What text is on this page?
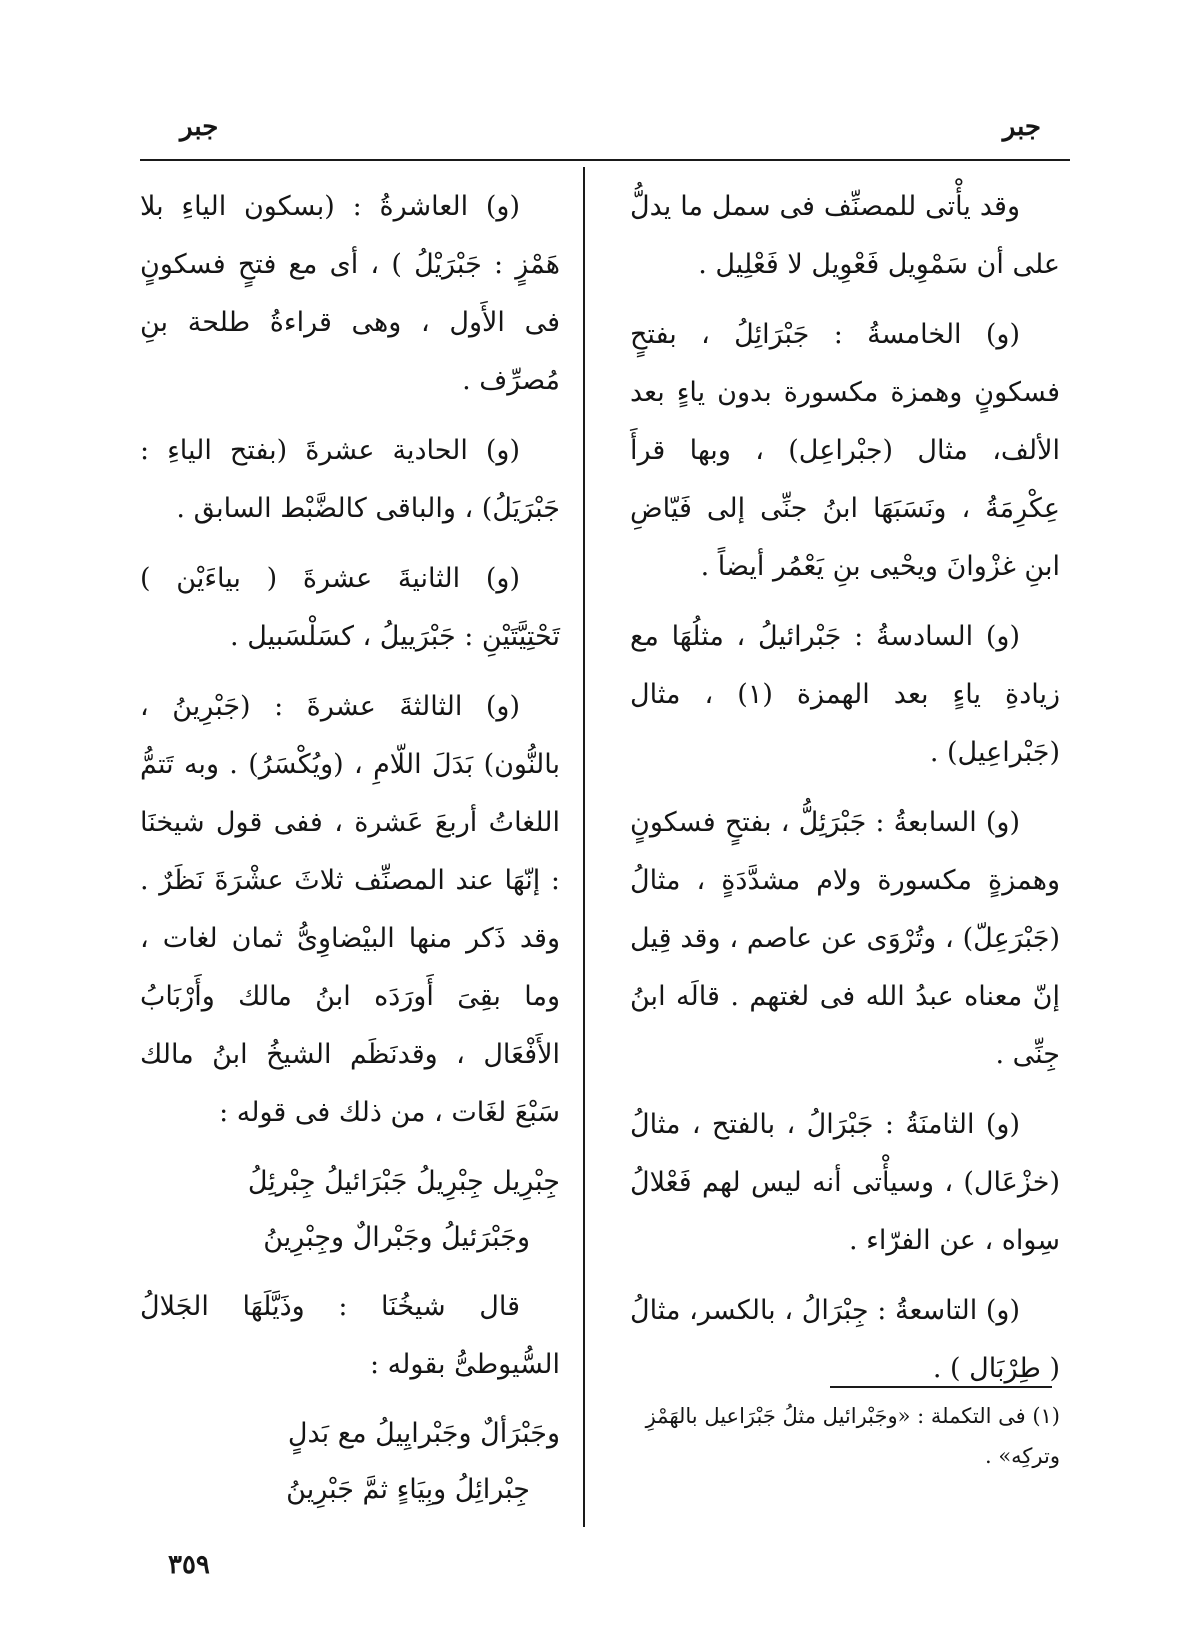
جبر
جبر

وقد يأْتى للمصنِّف فى سمل ما يدلُّ على أن سَمْوِيل فَعْوِيل لا فَعْلِيل .

(و) الخامسةُ : جَبْرَائِلُ ، بفتحٍ فسكونٍ وهمزة مكسورة بدون ياءٍ بعد الألف، مثال (جبْراعِل) ، وبها قرأَ عِكْرِمَةُ ، ونَسَبَهَا ابنُ جنِّى إلى فَيّاضِ ابنِ غزْوانَ ويحْيى بنِ يَعْمُر أيضاً .

(و) السادسةُ : جَبْرائيلُ ، مثلُهَا مع زيادةِ ياءٍ بعد الهمزة (١) ، مثال (جَبْراعِيل) .

(و) السابعةُ : جَبْرَئِلُّ ، بفتحٍ فسكونٍ وهمزةٍ مكسورة ولام مشدَّدَةٍ ، مثالُ (جَبْرَعِلّ) ، وتُرْوَى عن عاصم ، وقد قِيل إنّ معناه عبدُ الله فى لغتهم . قالَه ابنُ جِنِّى .

(و) الثامنَةُ : جَبْرَالُ ، بالفتح ، مثالُ (خزْعَال) ، وسيأْتى أنه ليس لهم فَعْلالُ سِواه ، عن الفرّاء .

(و) التاسعةُ : جِبْرَالُ ، بالكسر، مثالُ ( طِرْبَال ) .

(و) العاشرةُ : (بسكون الياءِ بلا هَمْزٍ : جَبْرَيْلُ ) ، أى مع فتحٍ فسكونٍ فى الأَول ، وهى قراءةُ طلحة بنِ مُصرِّف .

(و) الحادية عشرةَ (بفتح الياءِ : جَبْرَيَلُ) ، والباقى كالضَّبْط السابق .

(و) الثانيةَ عشرةَ ( بياءَيْن ) تَحْتِيَّتَيْنِ : جَبْرَييلُ ، كسَلْسَبيل .

(و) الثالثةَ عشرةَ : (جَبْرِينُ ، بالنُّون) بَدَلَ اللّامِ ، (ويُكْسَرُ) . وبه تَتمُّ اللغاتُ أربعَ عَشرة ، ففى قول شيخنَا : إنّهَا عند المصنِّف ثلاثَ عشْرَةَ نَظَرٌ . وقد ذَكر منها البيْضاوِىُّ ثمان لغات ، وما بقِىَ أَورَدَه ابنُ مالك وأَرْبَابُ الأَفْعَال ، وقدنَظَم الشيخُ ابنُ مالك سَبْعَ لغَات ، من ذلك فى قوله :

جِبْرِيل جِبْرِيلُ جَبْرَائيلُ جِبْرئِلُ
وجَبْرَئيلُ وجَبْرالٌ وجِبْرِينُ

قال شيخُنَا : وذَيَّلَهَا الجَلالُ السُّيوطىُّ بقوله :

وجَبْرَألٌ وجَبْرايِيلُ مع بَدلٍ
جِبْرائِلُ وبِيَاءٍ ثمَّ جَبْرِينُ
(١) فى التكملة : «وجَبْرائيل مثلُ جَبْرَاعيل بالهَمْزِ وتركِه» .
٣٥٩
